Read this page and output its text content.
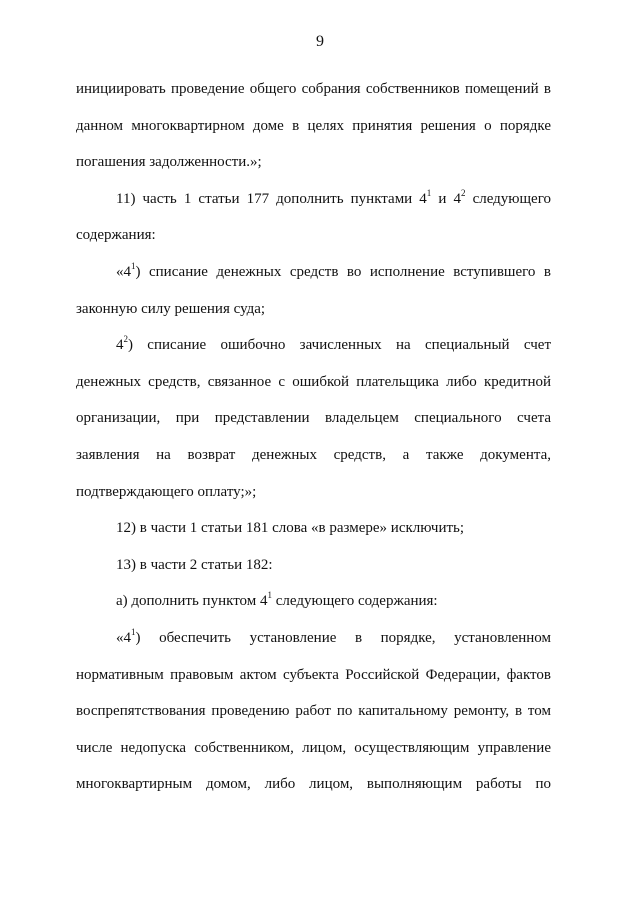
9
инициировать проведение общего собрания собственников помещений в
данном многоквартирном доме в целях принятия решения о порядке
погашения задолженности.»;
11) часть 1 статьи 177 дополнить пунктами $4^1$ и $4^2$ следующего
содержания:
«$4^1$) списание денежных средств во исполнение вступившего в
законную силу решения суда;
$4^2$) списание ошибочно зачисленных на специальный счет
денежных средств, связанное с ошибкой плательщика либо кредитной
организации, при представлении владельцем специального счета
заявления на возврат денежных средств, а также документа,
подтверждающего оплату;»;
12) в части 1 статьи 181 слова «в размере» исключить;
13) в части 2 статьи 182:
а) дополнить пунктом $4^1$ следующего содержания:
«$4^1$) обеспечить установление в порядке, установленном
нормативным правовым актом субъекта Российской Федерации, фактов
воспрепятствования проведению работ по капитальному ремонту, в том
числе недопуска собственником, лицом, осуществляющим управление
многоквартирным домом, либо лицом, выполняющим работы по
